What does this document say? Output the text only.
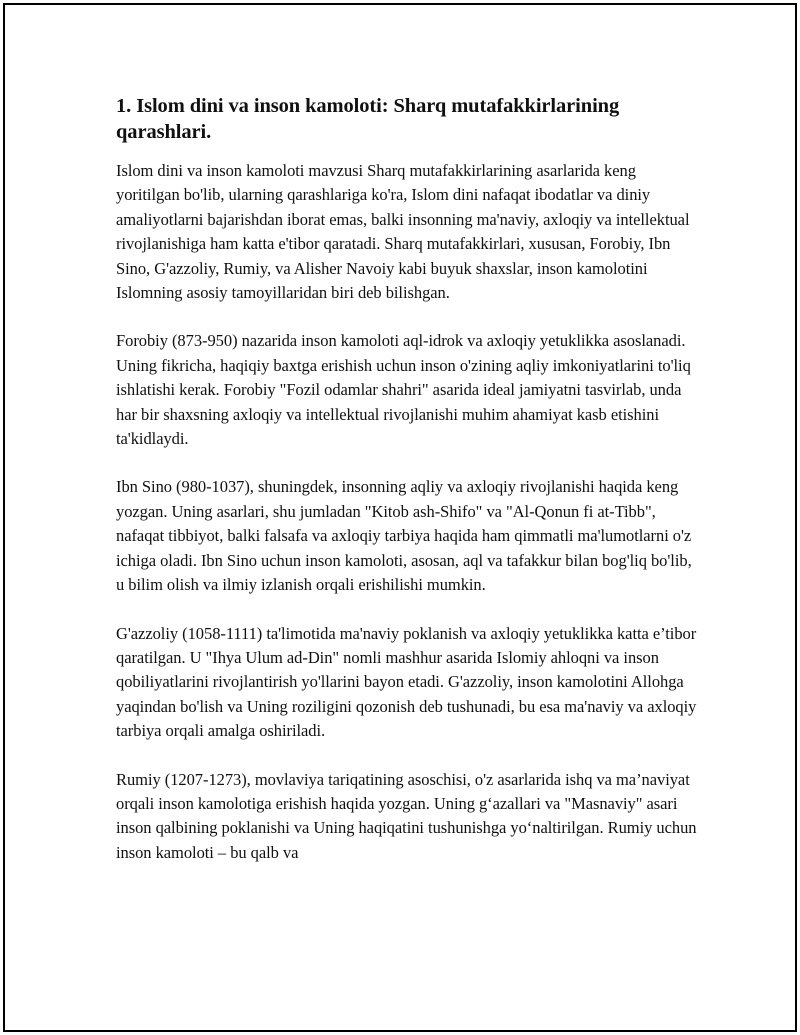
1. Islom dini va inson kamoloti: Sharq mutafakkirlarining qarashlari.

Islom dini va inson kamoloti mavzusi Sharq mutafakkirlarining asarlarida keng yoritilgan bo'lib, ularning qarashlariga ko'ra, Islom dini nafaqat ibodatlar va diniy amaliyotlarni bajarishdan iborat emas, balki insonning ma'naviy, axloqiy va intellektual rivojlanishiga ham katta e'tibor qaratadi. Sharq mutafakkirlari, xususan, Forobiy, Ibn Sino, G'azzoliy, Rumiy, va Alisher Navoiy kabi buyuk shaxslar, inson kamolotini Islomning asosiy tamoyillaridan biri deb bilishgan.

Forobiy (873-950) nazarida inson kamoloti aql-idrok va axloqiy yetuklikka asoslanadi. Uning fikricha, haqiqiy baxtga erishish uchun inson o'zining aqliy imkoniyatlarini to'liq ishlatishi kerak. Forobiy "Fozil odamlar shahri" asarida ideal jamiyatni tasvirlab, unda har bir shaxsning axloqiy va intellektual rivojlanishi muhim ahamiyat kasb etishini ta'kidlaydi.

Ibn Sino (980-1037), shuningdek, insonning aqliy va axloqiy rivojlanishi haqida keng yozgan. Uning asarlari, shu jumladan "Kitob ash-Shifo" va "Al-Qonun fi at-Tibb", nafaqat tibbiyot, balki falsafa va axloqiy tarbiya haqida ham qimmatli ma'lumotlarni o'z ichiga oladi. Ibn Sino uchun inson kamoloti, asosan, aql va tafakkur bilan bog'liq bo'lib, u bilim olish va ilmiy izlanish orqali erishilishi mumkin.

G'azzoliy (1058-1111) ta'limotida ma'naviy poklanish va axloqiy yetuklikka katta e’tibor qaratilgan. U "Ihya Ulum ad-Din" nomli mashhur asarida Islomiy ahloqni va inson qobiliyatlarini rivojlantirish yo'llarini bayon etadi. G'azzoliy, inson kamolotini Allohga yaqindan bo'lish va Uning roziligini qozonish deb tushunadi, bu esa ma'naviy va axloqiy tarbiya orqali amalga oshiriladi.

Rumiy (1207-1273), movlaviya tariqatining asoschisi, o'z asarlarida ishq va ma’naviyat orqali inson kamolotiga erishish haqida yozgan. Uning g‘azallari va "Masnaviy" asari inson qalbining poklanishi va Uning haqiqatini tushunishga yo‘naltirilgan. Rumiy uchun inson kamoloti – bu qalb va
